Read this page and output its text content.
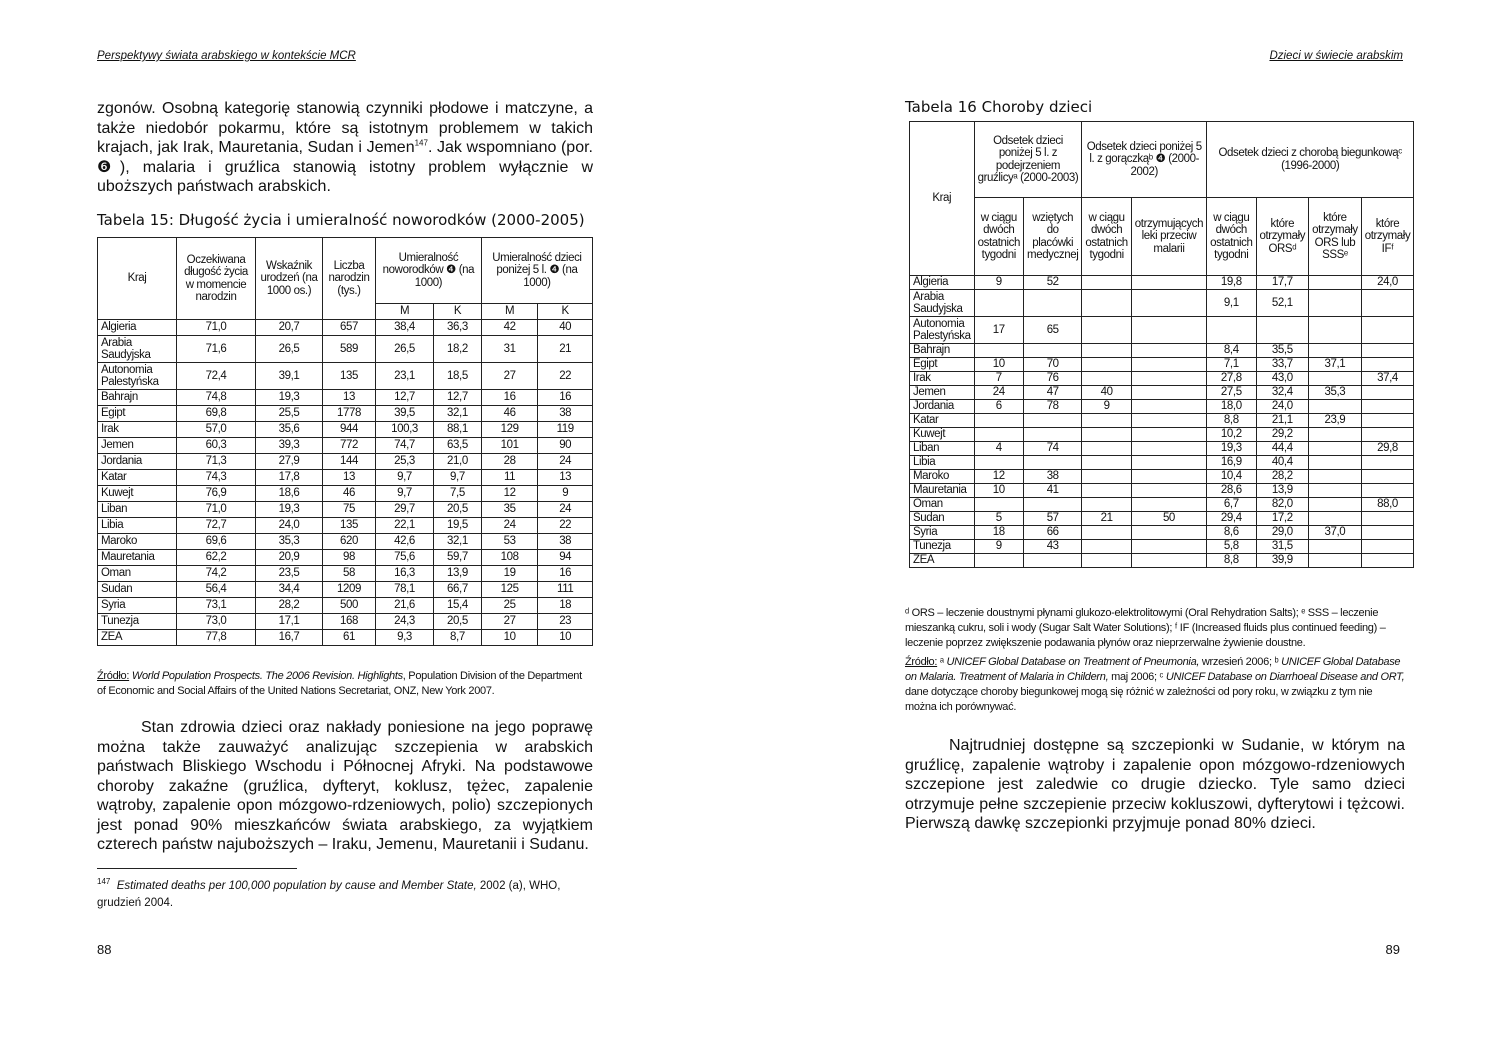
Perspektywy świata arabskiego w kontekście MCR	Dzieci w świecie arabskim

zgonów. Osobną kategorię stanowią czynniki płodowe i matczyne, a także niedobór pokarmu, które są istotnym problemem w takich krajach, jak Irak, Mauretania, Sudan i Jemen$^{147}$. Jak wspomniano (por. ❻), malaria i gruźlica stanowią istotny problem wyłącznie w uboższych państwach arabskich.

Tabela 15: Długość życia i umieralność noworodków (2000-2005)
Kraj	Oczekiwana długość życia w momencie narodzin	Wskaźnik urodzeń (na 1000 os.)	Liczba narodzin (tys.)	Umieralność noworodków ❹ (na 1000)		Umieralność dzieci poniżej 5 l. ❹ (na 1000)	
				M	K	M	K
Algieria	71,0	20,7	657	38,4	36,3	42	40
Arabia Saudyjska	71,6	26,5	589	26,5	18,2	31	21
Autonomia Palestyńska	72,4	39,1	135	23,1	18,5	27	22
Bahrajn	74,8	19,3	13	12,7	12,7	16	16
Egipt	69,8	25,5	1778	39,5	32,1	46	38
Irak	57,0	35,6	944	100,3	88,1	129	119
Jemen	60,3	39,3	772	74,7	63,5	101	90
Jordania	71,3	27,9	144	25,3	21,0	28	24
Katar	74,3	17,8	13	9,7	9,7	11	13
Kuwejt	76,9	18,6	46	9,7	7,5	12	9
Liban	71,0	19,3	75	29,7	20,5	35	24
Libia	72,7	24,0	135	22,1	19,5	24	22
Maroko	69,6	35,3	620	42,6	32,1	53	38
Mauretania	62,2	20,9	98	75,6	59,7	108	94
Oman	74,2	23,5	58	16,3	13,9	19	16
Sudan	56,4	34,4	1209	78,1	66,7	125	111
Syria	73,1	28,2	500	21,6	15,4	25	18
Tunezja	73,0	17,1	168	24,3	20,5	27	23
ZEA	77,8	16,7	61	9,3	8,7	10	10
Źródło: World Population Prospects. The 2006 Revision. Highlights, Population Division of the Department of Economic and Social Affairs of the United Nations Secretariat, ONZ, New York 2007.

Stan zdrowia dzieci oraz nakłady poniesione na jego poprawę można także zauważyć analizując szczepienia w arabskich państwach Bliskiego Wschodu i Północnej Afryki. Na podstawowe choroby zakaźne (gruźlica, dyfteryt, koklusz, tężec, zapalenie wątroby, zapalenie opon mózgowo-rdzeniowych, polio) szczepionych jest ponad 90% mieszkańców świata arabskiego, za wyjątkiem czterech państw najuboższych – Iraku, Jemenu, Mauretanii i Sudanu.

$^{147}$ Estimated deaths per 100,000 population by cause and Member State, 2002 (a), WHO, grudzień 2004.
88
Tabela 16 Choroby dzieci
Kraj	Odsetek dzieci poniżej 5 l. z podejrzeniem gruźlicyᵃ (2000-2003)		Odsetek dzieci poniżej 5 l. z gorączkąᵇ ❹ (2000-2002)		Odsetek dzieci z chorobą biegunkowąᶜ (1996-2000)			
	w ciągu dwóch ostatnich tygodni	wziętych do placówki medycznej	w ciągu dwóch ostatnich tygodni	otrzymujących leki przeciw malarii	w ciągu dwóch ostatnich tygodni	które otrzymały ORSᵈ	które otrzymały ORS lub SSSᵉ	które otrzymały IFᶠ
Algieria	9	52			19,8	17,7		24,0
Arabia Saudyjska					9,1	52,1		
Autonomia Palestyńska	17	65						
Bahrajn					8,4	35,5		
Egipt	10	70			7,1	33,7	37,1	
Irak	7	76			27,8	43,0		37,4
Jemen	24	47	40		27,5	32,4	35,3	
Jordania	6	78	9		18,0	24,0		
Katar					8,8	21,1	23,9	
Kuwejt					10,2	29,2		
Liban	4	74			19,3	44,4		29,8
Libia					16,9	40,4		
Maroko	12	38			10,4	28,2		
Mauretania	10	41			28,6	13,9		
Oman					6,7	82,0		88,0
Sudan	5	57	21	50	29,4	17,2		
Syria	18	66			8,6	29,0	37,0	
Tunezja	9	43			5,8	31,5		
ZEA					8,8	39,9		
ᵈ ORS – leczenie doustnymi płynami glukozo-elektrolitowymi (Oral Rehydration Salts); ᵉ SSS – leczenie mieszanką cukru, soli i wody (Sugar Salt Water Solutions); ᶠ IF (Increased fluids plus continued feeding) – leczenie poprzez zwiększenie podawania płynów oraz nieprzerwalne żywienie doustne.
Źródło: ᵃ UNICEF Global Database on Treatment of Pneumonia, wrzesień 2006; ᵇ UNICEF Global Database on Malaria. Treatment of Malaria in Childern, maj 2006; ᶜ UNICEF Database on Diarrhoeal Disease and ORT, dane dotyczące choroby biegunkowej mogą się różnić w zależności od pory roku, w związku z tym nie można ich porównywać.

Najtrudniej dostępne są szczepionki w Sudanie, w którym na gruźlicę, zapalenie wątroby i zapalenie opon mózgowo-rdzeniowych szczepione jest zaledwie co drugie dziecko. Tyle samo dzieci otrzymuje pełne szczepienie przeciw kokluszowi, dyfterytowi i tężcowi. Pierwszą dawkę szczepionki przyjmuje ponad 80% dzieci.

89
